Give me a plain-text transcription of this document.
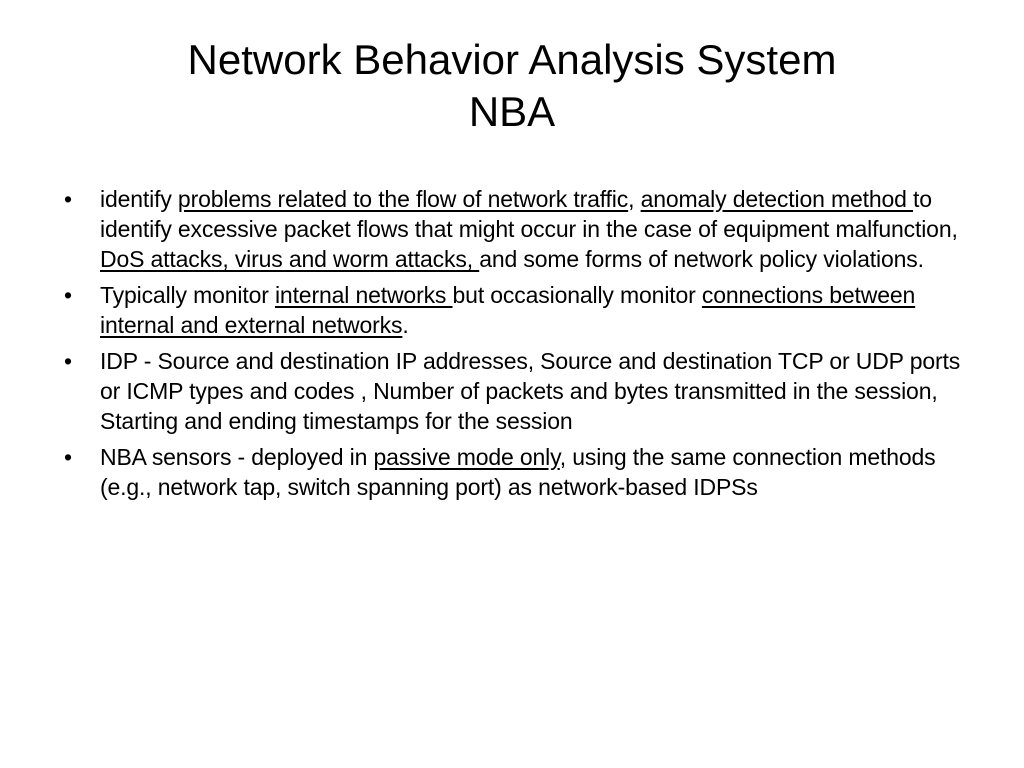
Network Behavior Analysis System
NBA
• identify problems related to the flow of network traffic, anomaly detection method to identify excessive packet flows that might occur in the case of equipment malfunction, DoS attacks, virus and worm attacks, and some forms of network policy violations.
• Typically monitor internal networks but occasionally monitor connections between internal and external networks.
• IDP - Source and destination IP addresses, Source and destination TCP or UDP ports or ICMP types and codes , Number of packets and bytes transmitted in the session, Starting and ending timestamps for the session
• NBA sensors - deployed in passive mode only, using the same connection methods (e.g., network tap, switch spanning port) as network-based IDPSs
